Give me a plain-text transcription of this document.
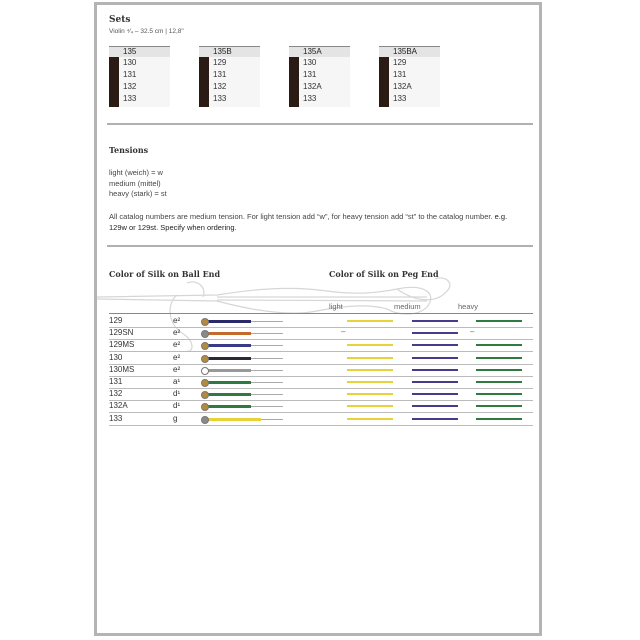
Sets
Violin ⁴⁄₄ – 32.5 cm | 12,8"
135
130
131
132
133
135B
129
131
132
133
135A
130
131
132A
133
135BA
129
131
132A
133
Tensions
light (weich) = w
medium (mittel)
heavy (stark) = st
All catalog numbers are medium tension. For light tension add “w”, for heavy tension add “st” to the catalog number. e.g. 129w or 129st. Specify when ordering.
Color of Silk on Ball End	Color of Silk on Peg End
light	medium	heavy
129	e²
129SN	e²	–	–
129MS	e²
130	e²
130MS	e²
131	a¹
132	d¹
132A	d¹
133	g
